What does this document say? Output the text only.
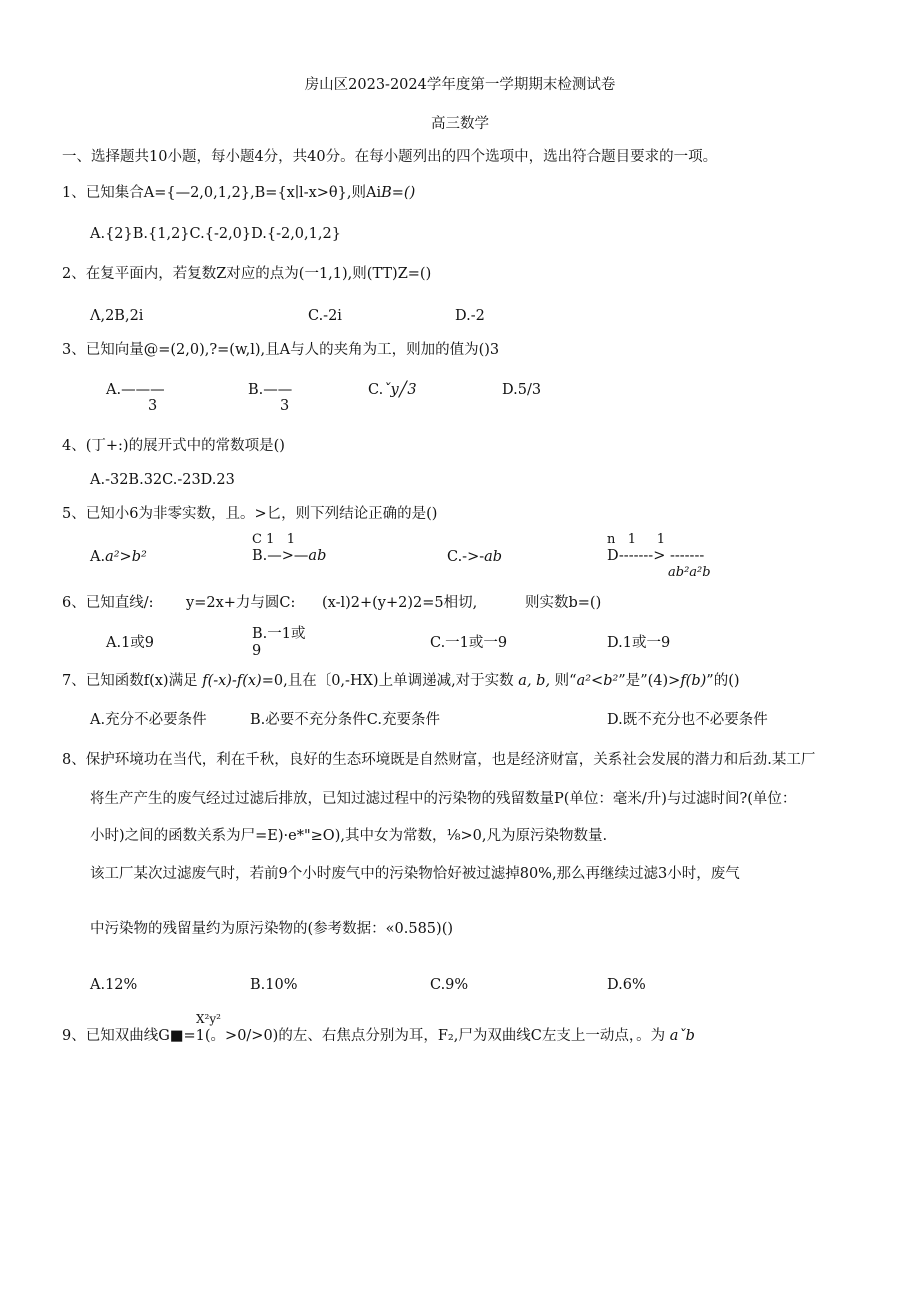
房山区2023-2024学年度第一学期期末检测试卷
高三数学
一、选择题共10小题，每小题4分，共40分。在每小题列出的四个选项中，选出符合题目要求的一项。
1、已知集合A={—2,0,1,2},B={x∣l-x>θ},则AiB=()
A.{2}B.{1,2}C.{-2,0}D.{-2,0,1,2}
2、在复平面内，若复数Z对应的点为(一1,1),则(TT)Z=()
Λ,2B,2i	C.-2i	D.-2
3、已知向量@=(2,0),?=(w,l),且A与人的夹角为工，则加的值为()3
A.———
3
B.——
3
C.ˇy╱3	D.5/3
4、(丁+:)的展开式中的常数项是()
A.-32B.32C.-23D.23
5、已知小6为非零实数，且。>匕，则下列结论正确的是()
A.a²>b²
C 1   1
B.—>—ab	C.->-ab
n   1     1
D-------> -------
ab²a²b
6、已知直线/: y=2x+力与圆C: (x-l)2+(y+2)2=5相切,	则实数b=()
A.1或9
B.一1或
9	C.一1或一9	D.1或一9
7、已知函数f(x)满足 f(-x)-f(x)=0,且在〔0,-HX)上单调递减,对于实数 a, b, 则“a²<b²”是”(4)>f(b)”的()
A.充分不必要条件	B.必要不充分条件C.充要条件	D.既不充分也不必要条件
8、保护环境功在当代，利在千秋，良好的生态环境既是自然财富，也是经济财富，关系社会发展的潜力和后劲.某工厂
将生产产生的废气经过过滤后排放，已知过滤过程中的污染物的残留数量P(单位：毫米/升)与过滤时间?(单位：
小时)之间的函数关系为尸=E)·e*"≥O),其中女为常数，⅛>0,凡为原污染物数量.
该工厂某次过滤废气时，若前9个小时废气中的污染物恰好被过滤掉80%,那么再继续过滤3小时，废气
中污染物的残留量约为原污染物的(参考数据：«0.585)()
A.12%	B.10%	C.9%	D.6%
X²y²
9、已知双曲线G■=1(。>0/>0)的左、右焦点分别为耳，F₂,尸为双曲线C左支上一动点，。为 aˇb
